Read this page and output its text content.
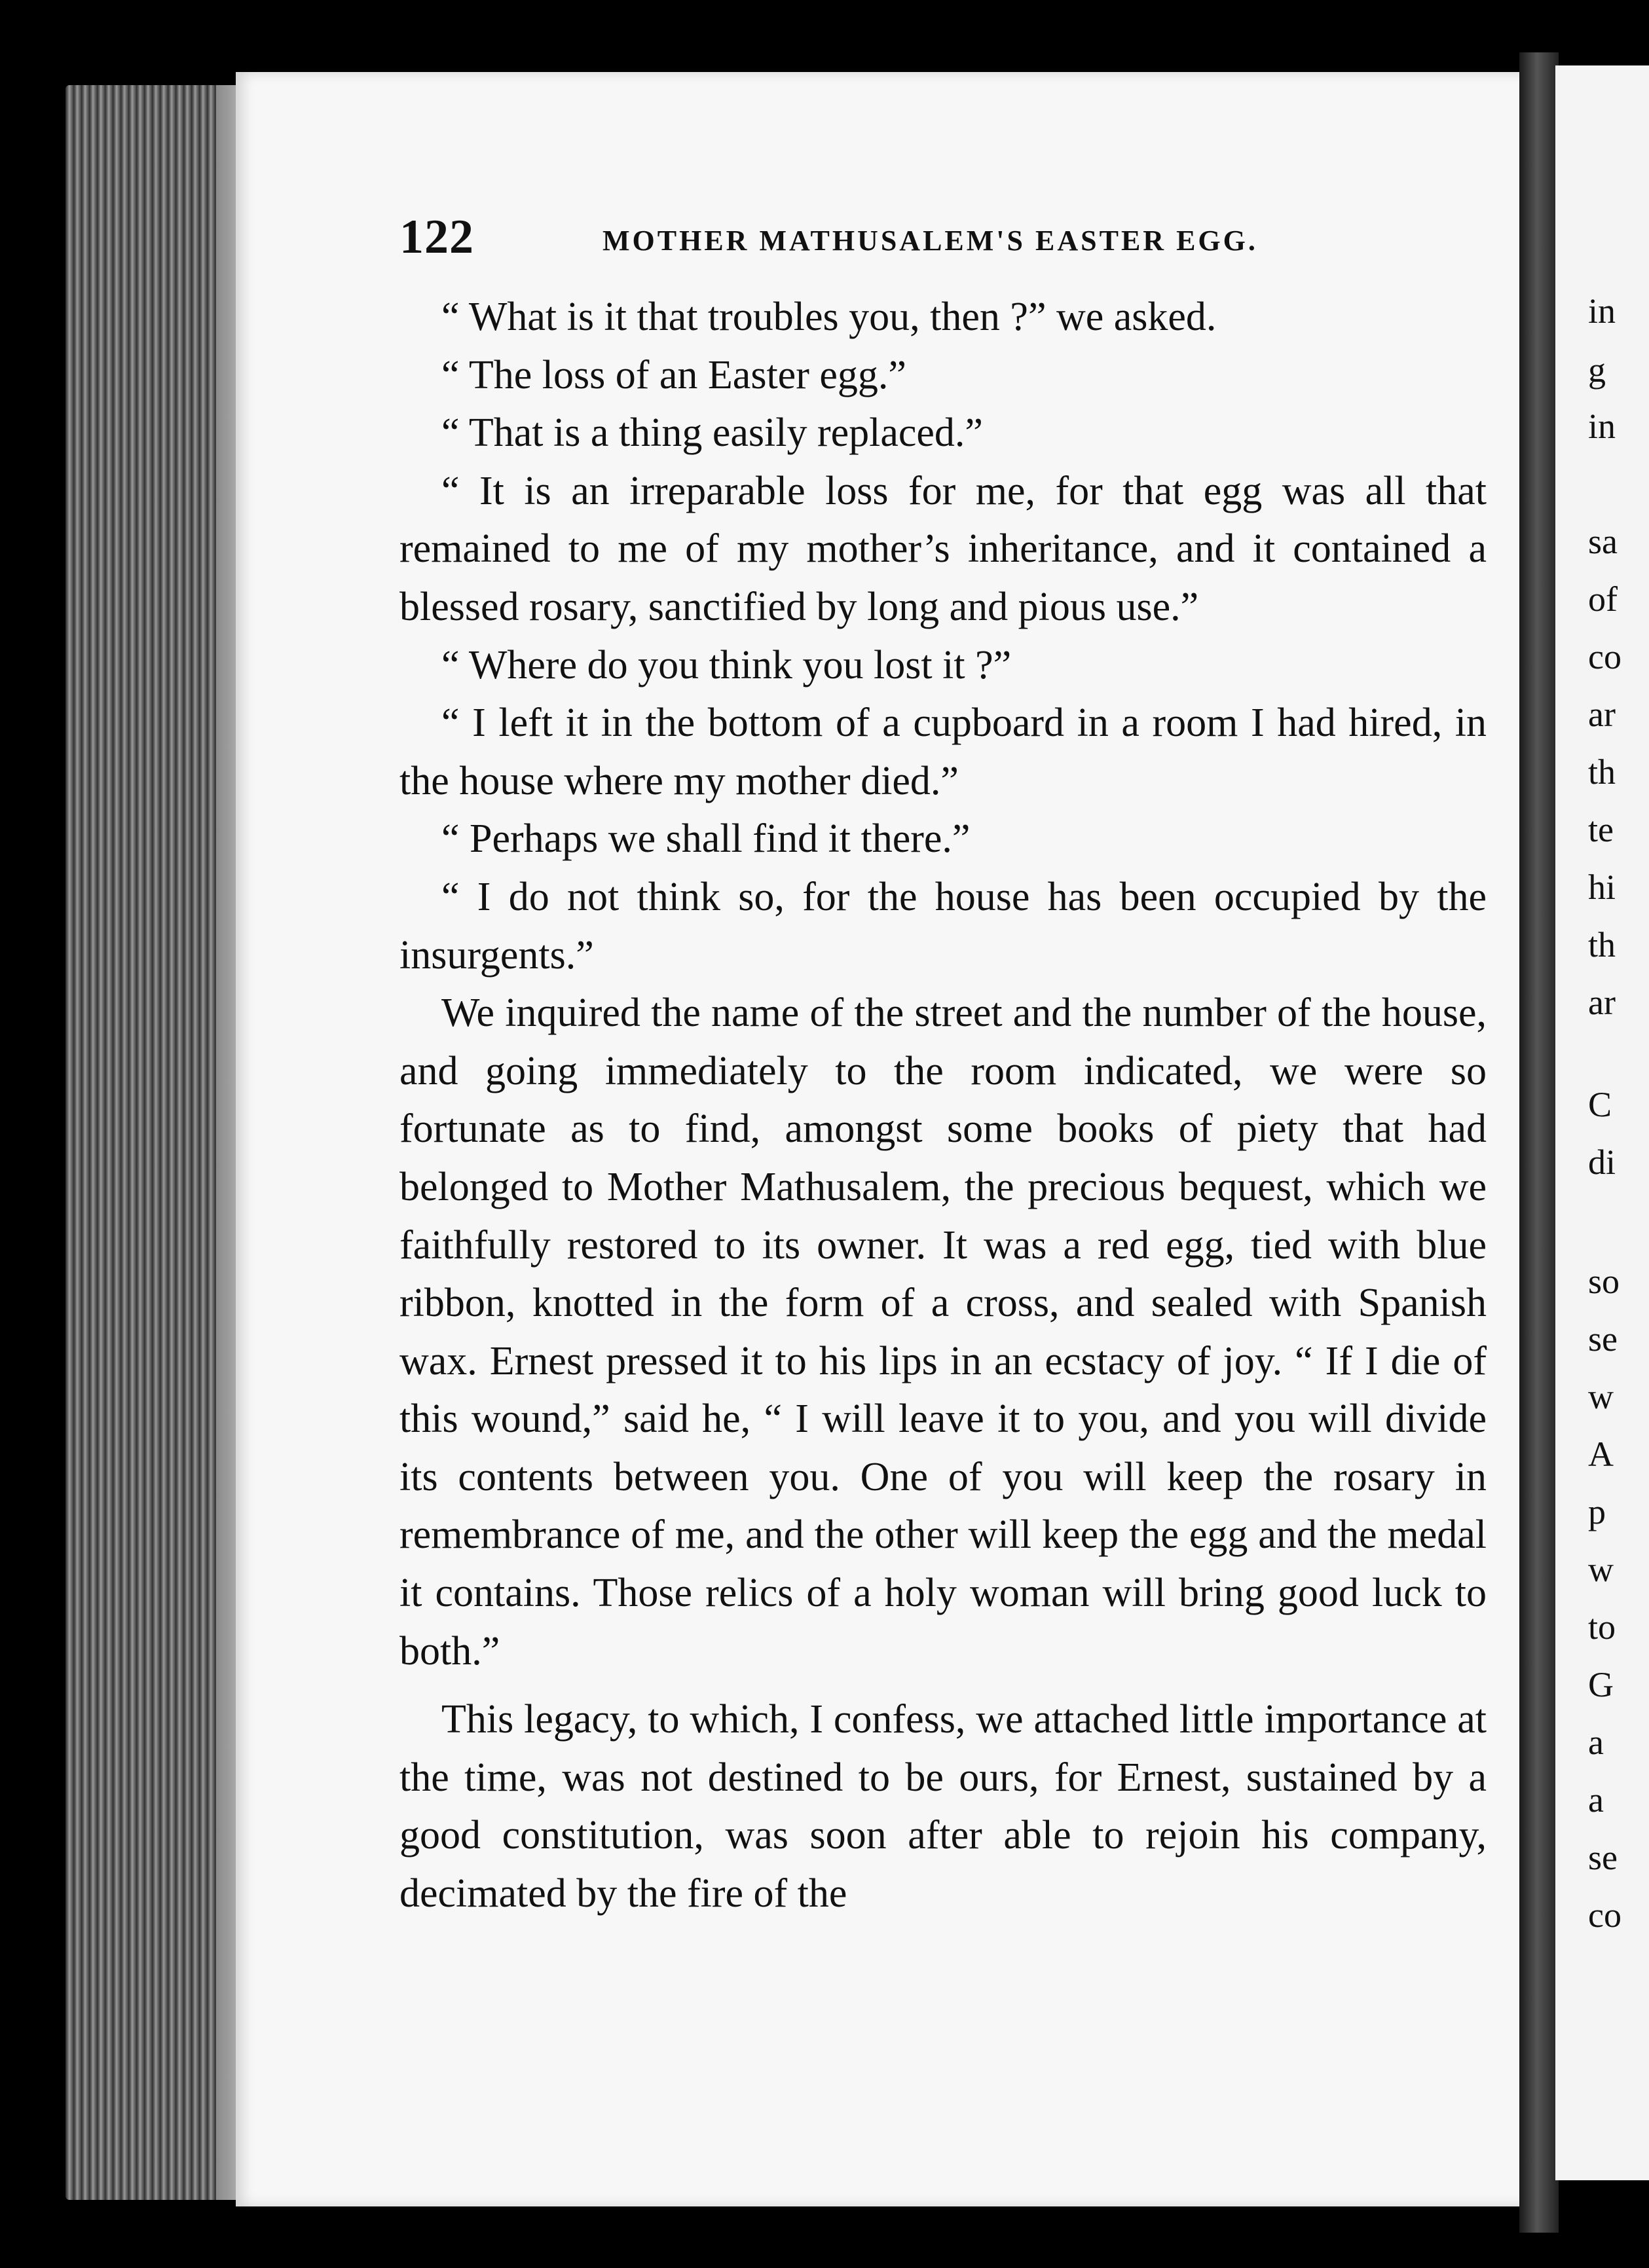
122	MOTHER MATHUSALEM'S EASTER EGG.

“ What is it that troubles you, then ?” we asked.

“ The loss of an Easter egg.”

“ That is a thing easily replaced.”

“ It is an irreparable loss for me, for that egg was all that remained to me of my mother’s inheritance, and it contained a blessed rosary, sanctified by long and pious use.”

“ Where do you think you lost it ?”

“ I left it in the bottom of a cupboard in a room I had hired, in the house where my mother died.”

“ Perhaps we shall find it there.”

“ I do not think so, for the house has been occupied by the insurgents.”

We inquired the name of the street and the number of the house, and going immediately to the room indicated, we were so fortunate as to find, amongst some books of piety that had belonged to Mother Mathusalem, the precious bequest, which we faithfully restored to its owner. It was a red egg, tied with blue ribbon, knotted in the form of a cross, and sealed with Spanish wax. Ernest pressed it to his lips in an ecstacy of joy. “ If I die of this wound,” said he, “ I will leave it to you, and you will divide its contents between you. One of you will keep the rosary in remembrance of me, and the other will keep the egg and the medal it contains. Those relics of a holy woman will bring good luck to both.”

This legacy, to which, I confess, we attached little importance at the time, was not destined to be ours, for Ernest, sustained by a good constitution, was soon after able to rejoin his company, decimated by the fire of the

in
g
in
sa
of
co
ar
th
te
hi
th
ar
C
di
so
se
w
A
p
w
to
G
a
a
se
co
